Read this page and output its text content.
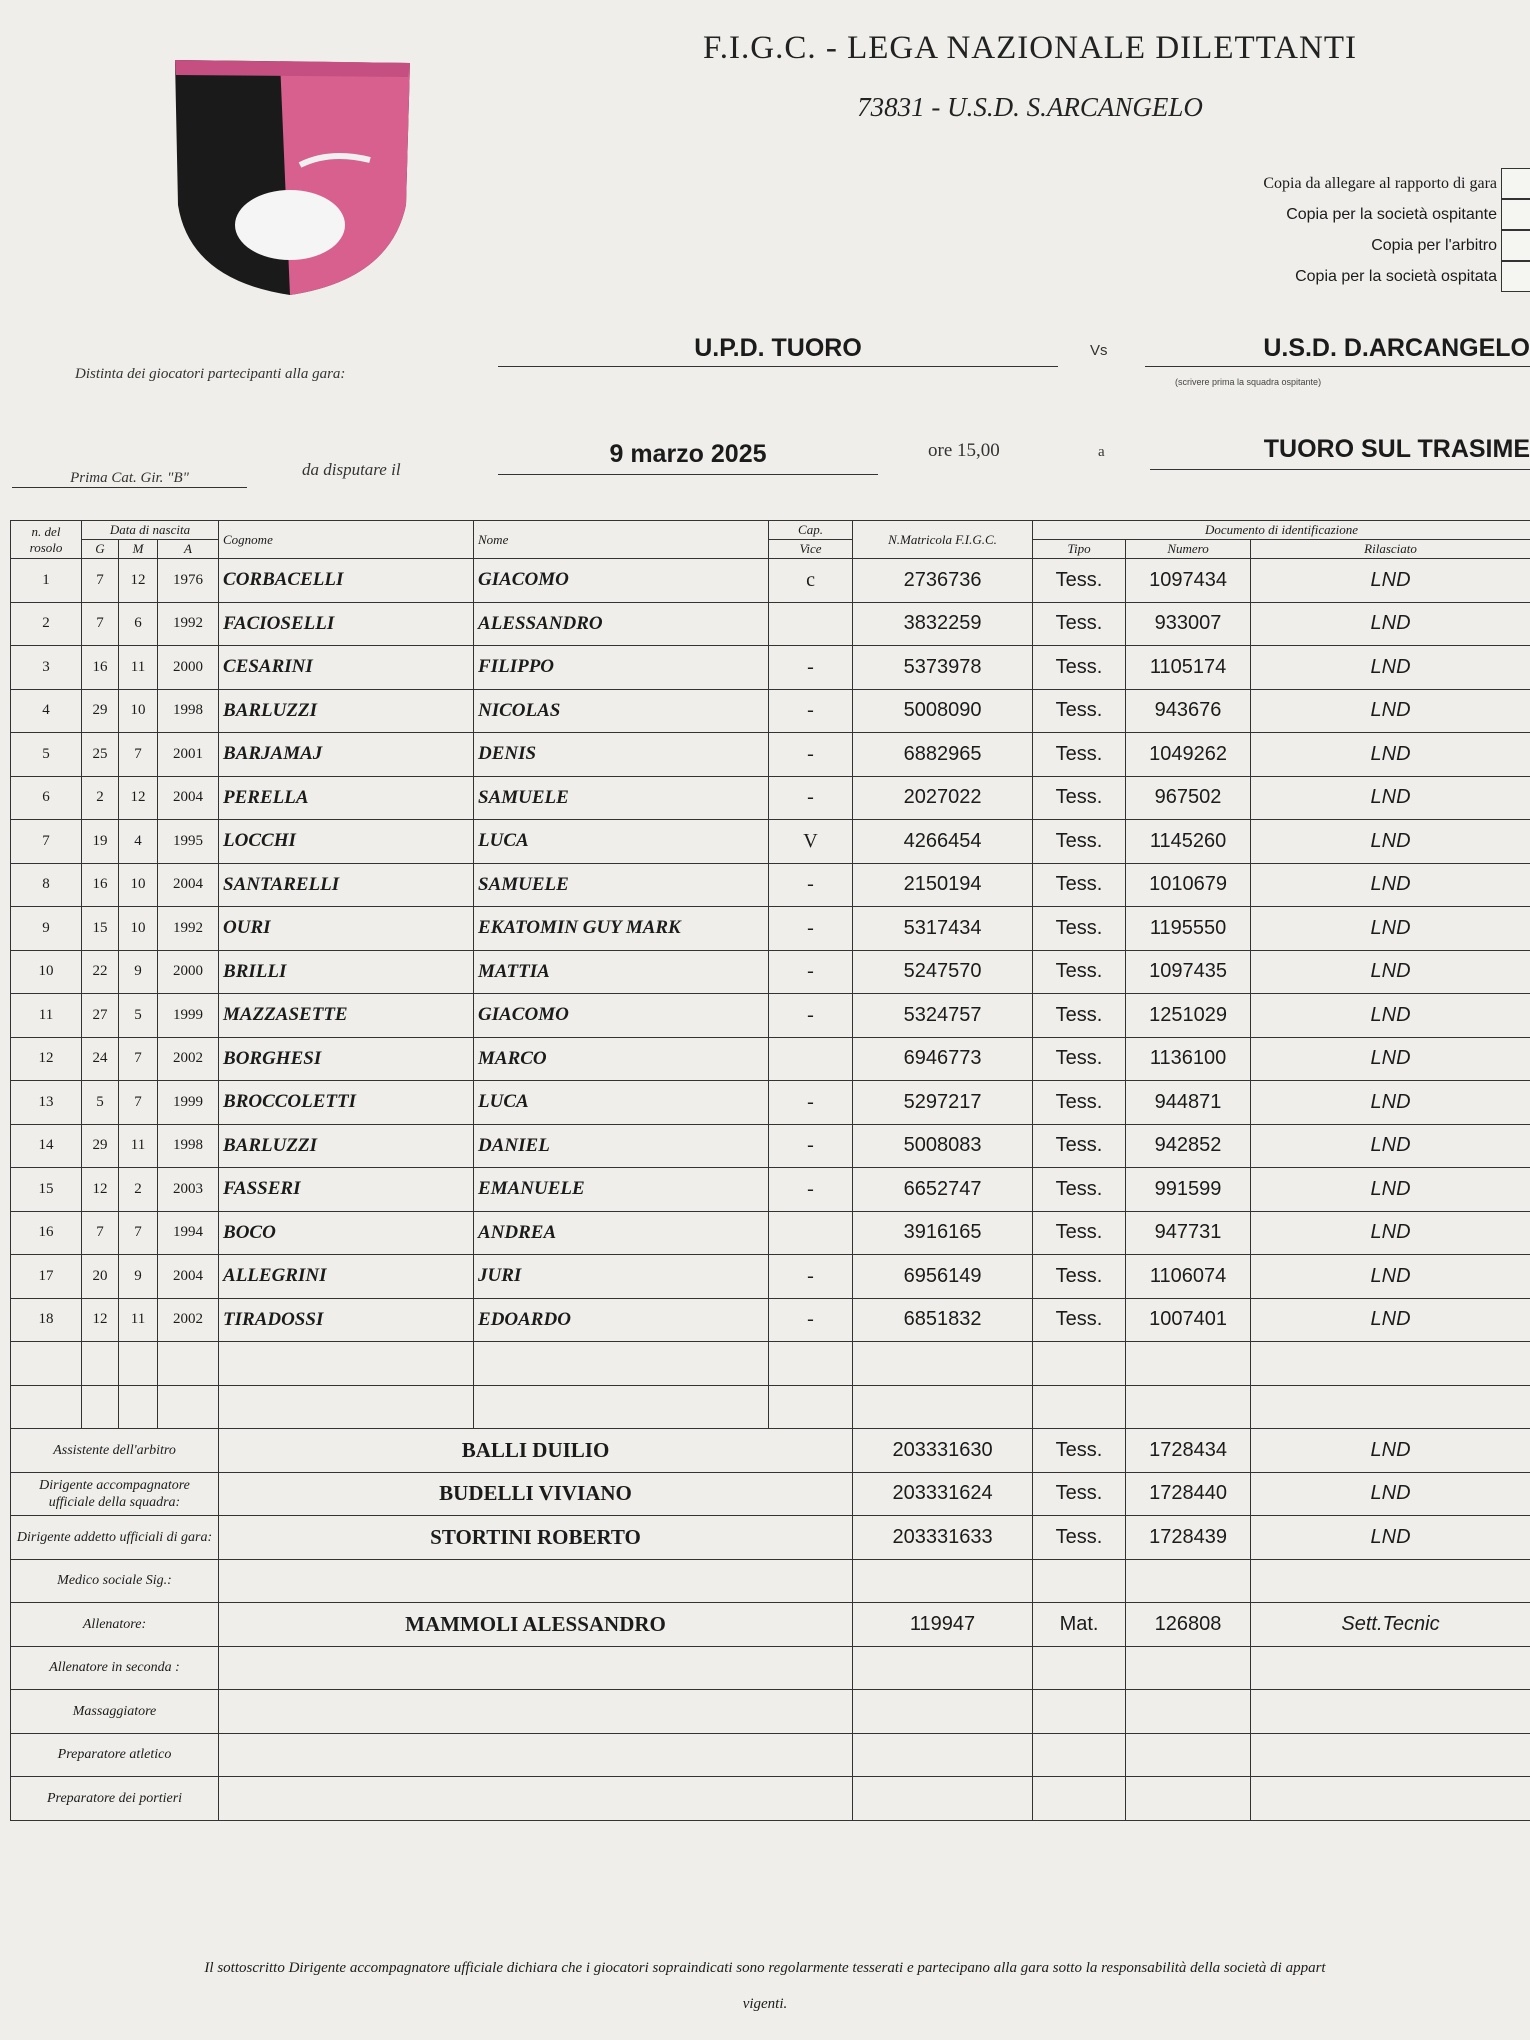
F.I.G.C. - LEGA NAZIONALE DILETTANTI
73831 - U.S.D. S.ARCANGELO
Copia da allegare al rapporto di gara
Copia per la società ospitante
Copia per l'arbitro
Copia per la società ospitata
Distinta dei giocatori partecipanti alla gara:
U.P.D. TUORO	Vs	U.S.D. D.ARCANGELO
(scrivere prima la squadra ospitante)
Prima Cat. Gir. "B"	da disputare il
9 marzo 2025	ore 15,00	a	TUORO SUL TRASIME
n. del rosolo	Data di nascita			Cognome	Nome	Cap.	N.Matricola F.I.G.C.	Documento di identificazione		
	G	M	A			Vice		Tipo	Numero	Rilasciato
1	7	12	1976	CORBACELLI	GIACOMO	c	2736736	Tess.	1097434	LND
2	7	6	1992	FACIOSELLI	ALESSANDRO		3832259	Tess.	933007	LND
3	16	11	2000	CESARINI	FILIPPO	-	5373978	Tess.	1105174	LND
4	29	10	1998	BARLUZZI	NICOLAS	-	5008090	Tess.	943676	LND
5	25	7	2001	BARJAMAJ	DENIS	-	6882965	Tess.	1049262	LND
6	2	12	2004	PERELLA	SAMUELE	-	2027022	Tess.	967502	LND
7	19	4	1995	LOCCHI	LUCA	V	4266454	Tess.	1145260	LND
8	16	10	2004	SANTARELLI	SAMUELE	-	2150194	Tess.	1010679	LND
9	15	10	1992	OURI	EKATOMIN GUY MARK	-	5317434	Tess.	1195550	LND
10	22	9	2000	BRILLI	MATTIA	-	5247570	Tess.	1097435	LND
11	27	5	1999	MAZZASETTE	GIACOMO	-	5324757	Tess.	1251029	LND
12	24	7	2002	BORGHESI	MARCO		6946773	Tess.	1136100	LND
13	5	7	1999	BROCCOLETTI	LUCA	-	5297217	Tess.	944871	LND
14	29	11	1998	BARLUZZI	DANIEL	-	5008083	Tess.	942852	LND
15	12	2	2003	FASSERI	EMANUELE	-	6652747	Tess.	991599	LND
16	7	7	1994	BOCO	ANDREA		3916165	Tess.	947731	LND
17	20	9	2004	ALLEGRINI	JURI	-	6956149	Tess.	1106074	LND
18	12	11	2002	TIRADOSSI	EDOARDO	-	6851832	Tess.	1007401	LND

Assistente dell'arbitro				BALLI DUILIO			203331630	Tess.	1728434	LND
Dirigente accompagnatore ufficiale della squadra:				BUDELLI VIVIANO			203331624	Tess.	1728440	LND
Dirigente addetto ufficiali di gara:				STORTINI ROBERTO			203331633	Tess.	1728439	LND
Medico sociale Sig.:										
Allenatore:				MAMMOLI ALESSANDRO			119947	Mat.	126808	Sett.Tecnic
Allenatore in seconda :										
Massaggiatore										
Preparatore atletico										
Preparatore dei portieri										
Il sottoscritto Dirigente accompagnatore ufficiale dichiara che i giocatori sopraindicati sono regolarmente tesserati e partecipano alla gara sotto la responsabilità della società di appart
vigenti.
